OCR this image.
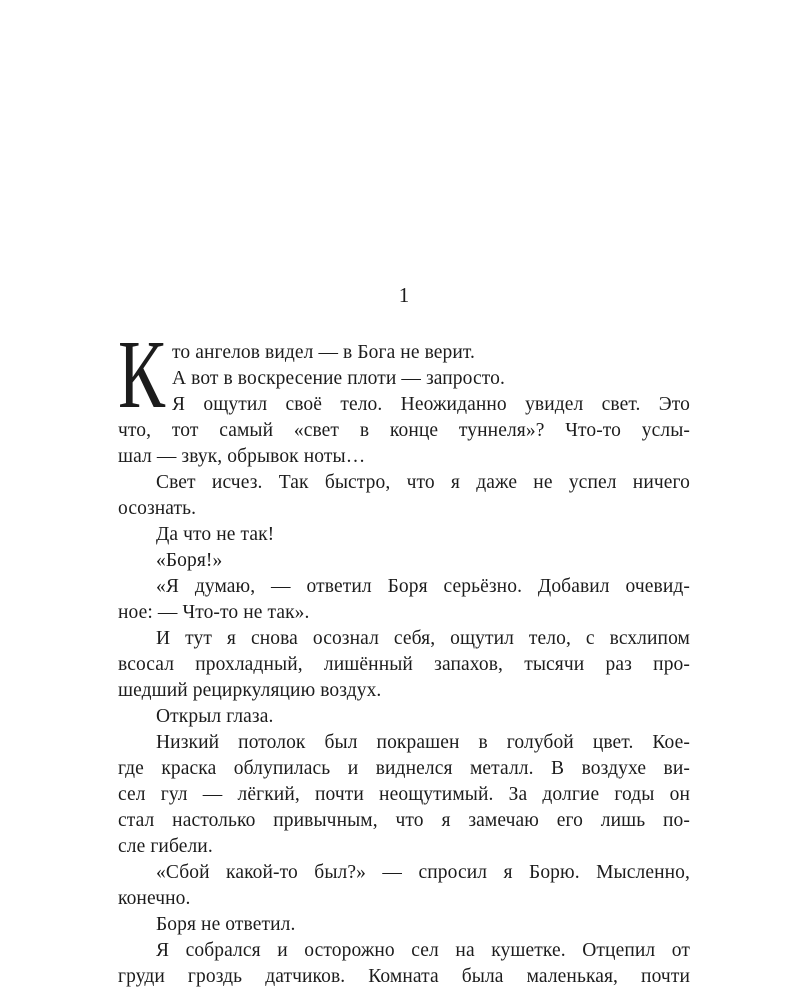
1
К то ангелов видел — в Бога не верит.
А вот в воскресение плоти — запросто.
Я ощутил своё тело. Неожиданно увидел свет. Это
что, тот самый «свет в конце туннеля»? Что-то услы-
шал — звук, обрывок ноты…
Свет исчез. Так быстро, что я даже не успел ничего
осознать.
Да что не так!
«Боря!»
«Я думаю, — ответил Боря серьёзно. Добавил очевид-
ное: — Что-то не так».
И тут я снова осознал себя, ощутил тело, с всхлипом
всосал прохладный, лишённый запахов, тысячи раз про-
шедший рециркуляцию воздух.
Открыл глаза.
Низкий потолок был покрашен в голубой цвет. Кое-
где краска облупилась и виднелся металл. В воздухе ви-
сел гул — лёгкий, почти неощутимый. За долгие годы он
стал настолько привычным, что я замечаю его лишь по-
сле гибели.
«Сбой какой-то был?» — спросил я Борю. Мысленно,
конечно.
Боря не ответил.
Я собрался и осторожно сел на кушетке. Отцепил от
груди гроздь датчиков. Комната была маленькая, почти
